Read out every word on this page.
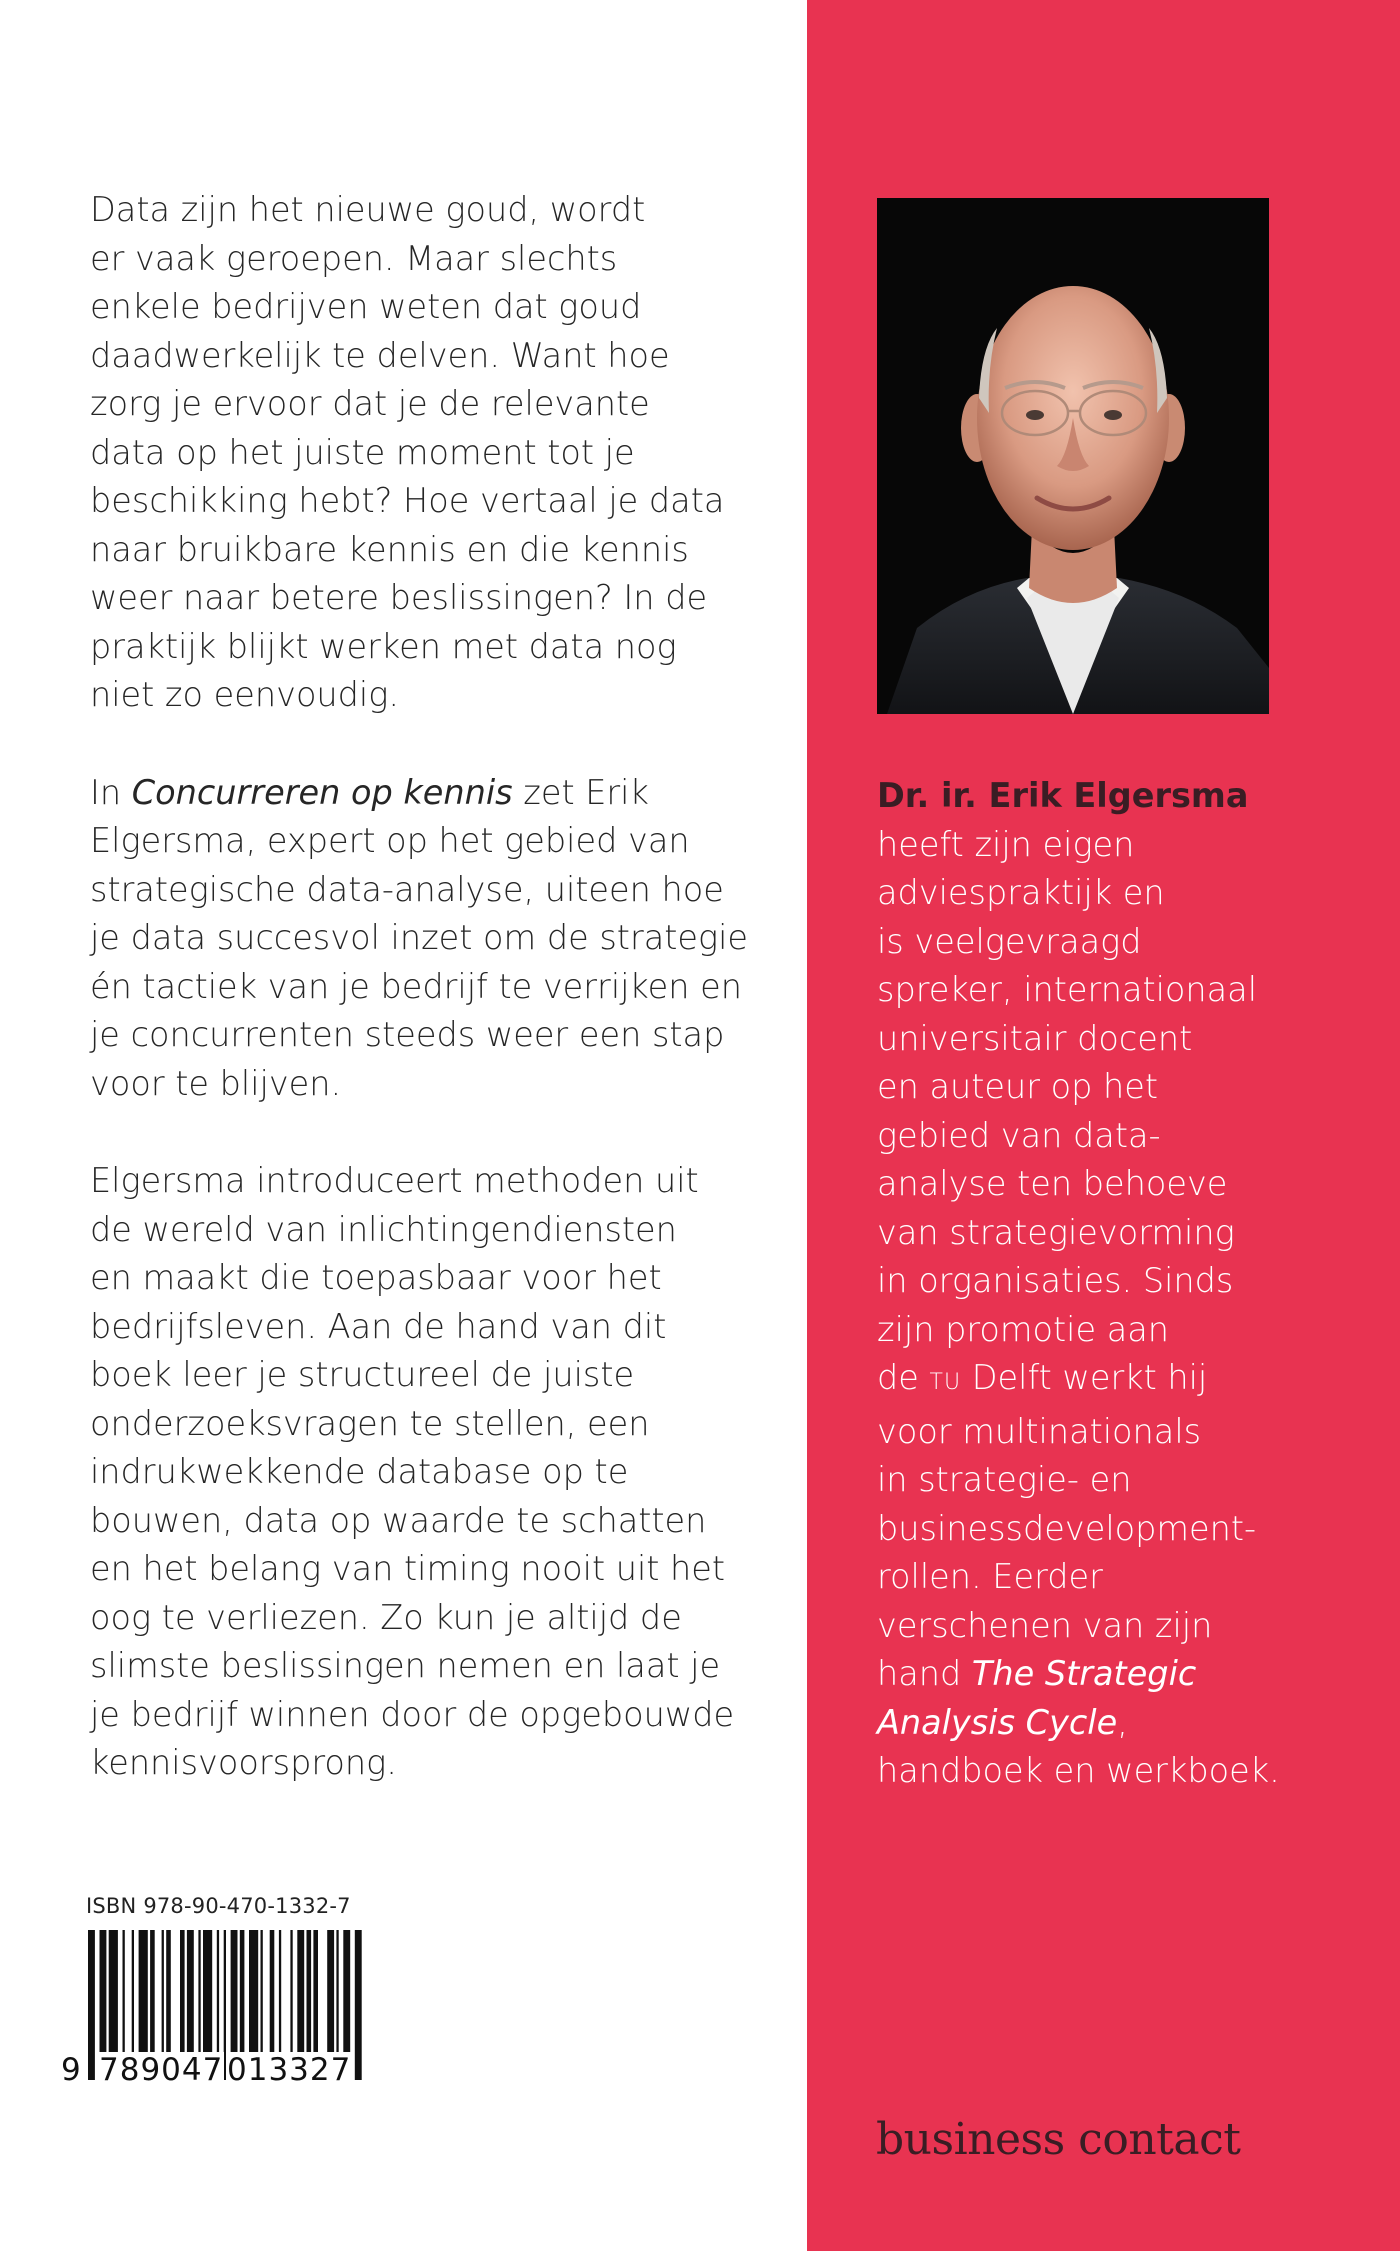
Data zijn het nieuwe goud, wordt
er vaak geroepen. Maar slechts
enkele bedrijven weten dat goud
daadwerkelijk te delven. Want hoe
zorg je ervoor dat je de relevante
data op het juiste moment tot je
beschikking hebt? Hoe vertaal je data
naar bruikbare kennis en die kennis
weer naar betere beslissingen? In de
praktijk blijkt werken met data nog
niet zo eenvoudig.

In Concurreren op kennis zet Erik
Elgersma, expert op het gebied van
strategische data-analyse, uiteen hoe
je data succesvol inzet om de strategie
én tactiek van je bedrijf te verrijken en
je concurrenten steeds weer een stap
voor te blijven.

Elgersma introduceert methoden uit
de wereld van inlichtingendiensten
en maakt die toepasbaar voor het
bedrijfsleven. Aan de hand van dit
boek leer je structureel de juiste
onderzoeksvragen te stellen, een
indrukwekkende database op te
bouwen, data op waarde te schatten
en het belang van timing nooit uit het
oog te verliezen. Zo kun je altijd de
slimste beslissingen nemen en laat je
je bedrijf winnen door de opgebouwde
kennisvoorsprong.

ISBN 978-90-470-1332-7
9 789047 013327
Dr. ir. Erik Elgersma
heeft zijn eigen
adviespraktijk en
is veelgevraagd
spreker, internationaal
universitair docent
en auteur op het
gebied van data-
analyse ten behoeve
van strategievorming
in organisaties. Sinds
zijn promotie aan
de TU Delft werkt hij
voor multinationals
in strategie- en
businessdevelopment-
rollen. Eerder
verschenen van zijn
hand The Strategic
Analysis Cycle,
handboek en werkboek.
business contact
